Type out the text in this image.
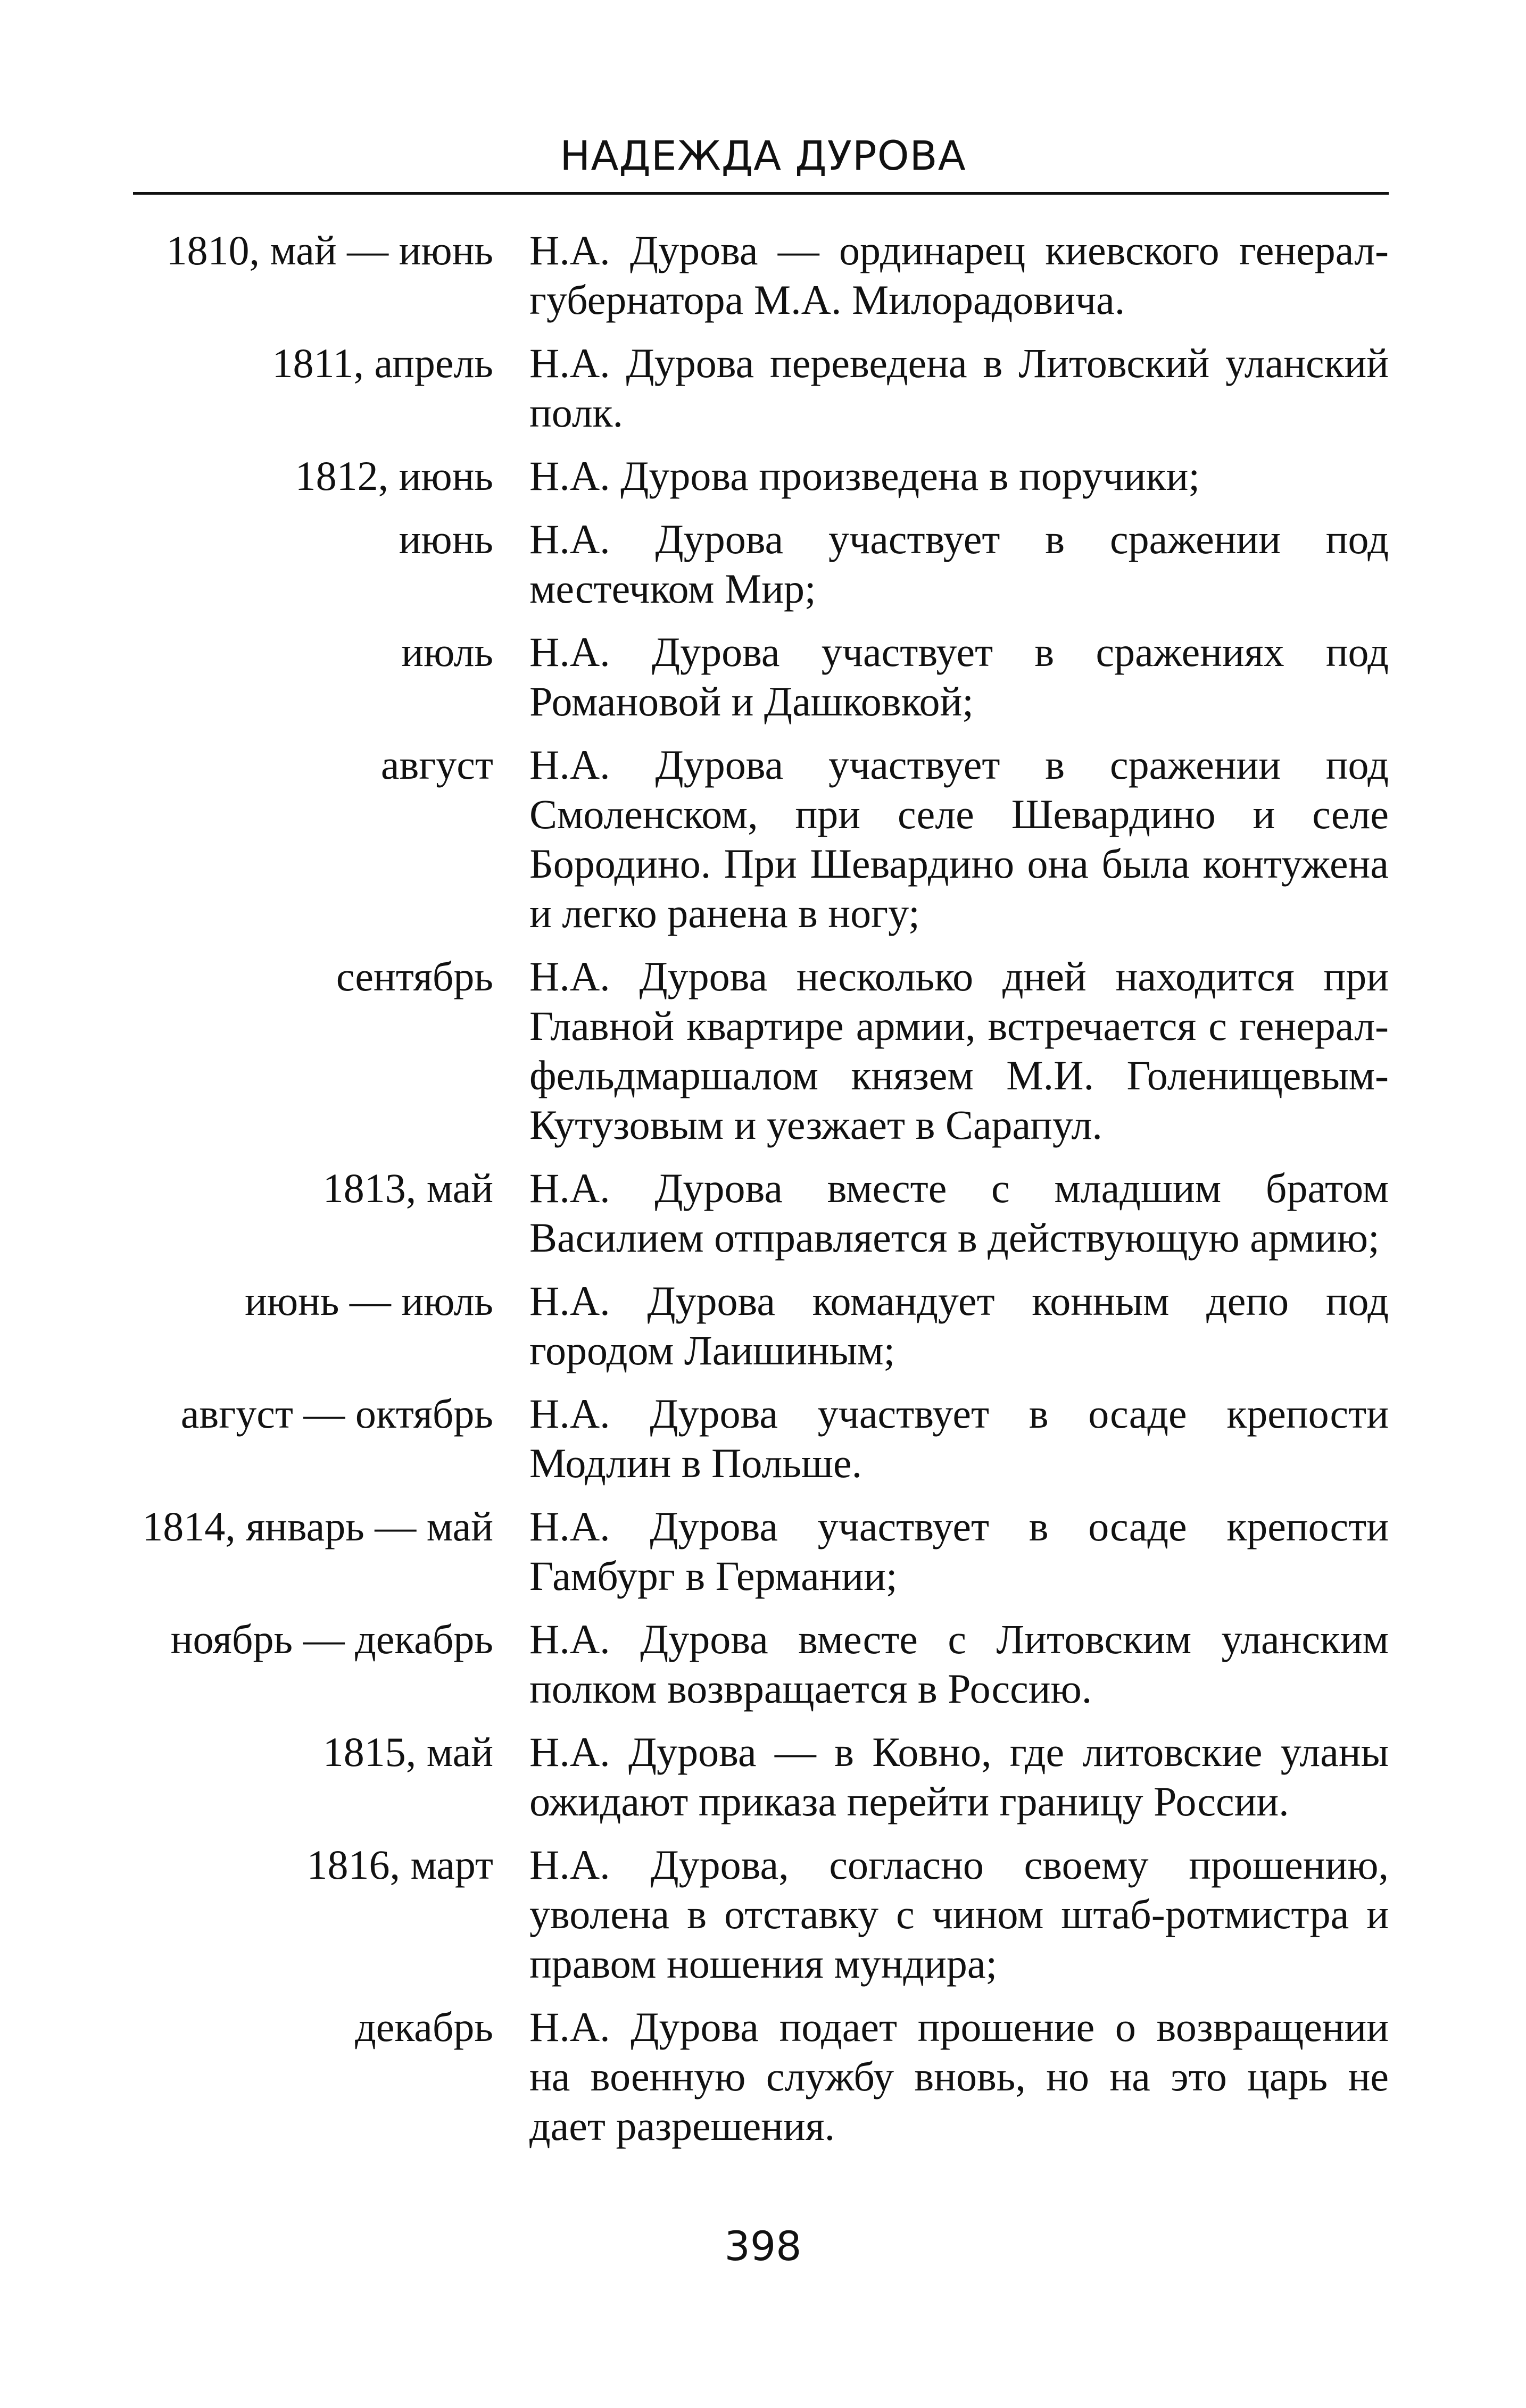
НАДЕЖДА ДУРОВА
1810, май — июнь Н.А. Дурова — ординарец киевского генерал-губернатора М.А. Милорадовича.
1811, апрель Н.А. Дурова переведена в Литовский уланский полк.
1812, июнь Н.А. Дурова произведена в поручики;
июнь Н.А. Дурова участвует в сражении под местечком Мир;
июль Н.А. Дурова участвует в сражениях под Романовой и Дашковкой;
август Н.А. Дурова участвует в сражении под Смоленском, при селе Шевардино и селе Бородино. При Шевардино она была контужена и легко ранена в ногу;
сентябрь Н.А. Дурова несколько дней находится при Главной квартире армии, встречается с генерал-фельдмаршалом князем М.И. Голенищевым-Кутузовым и уезжает в Сарапул.
1813, май Н.А. Дурова вместе с младшим братом Василием отправляется в действующую армию;
июнь — июль Н.А. Дурова командует конным депо под городом Лаишиным;
август — октябрь Н.А. Дурова участвует в осаде крепости Модлин в Польше.
1814, январь — май Н.А. Дурова участвует в осаде крепости Гамбург в Германии;
ноябрь — декабрь Н.А. Дурова вместе с Литовским уланским полком возвращается в Россию.
1815, май Н.А. Дурова — в Ковно, где литовские уланы ожидают приказа перейти границу России.
1816, март Н.А. Дурова, согласно своему прошению, уволена в отставку с чином штаб-ротмистра и правом ношения мундира;
декабрь Н.А. Дурова подает прошение о возвращении на военную службу вновь, но на это царь не дает разрешения.
398
